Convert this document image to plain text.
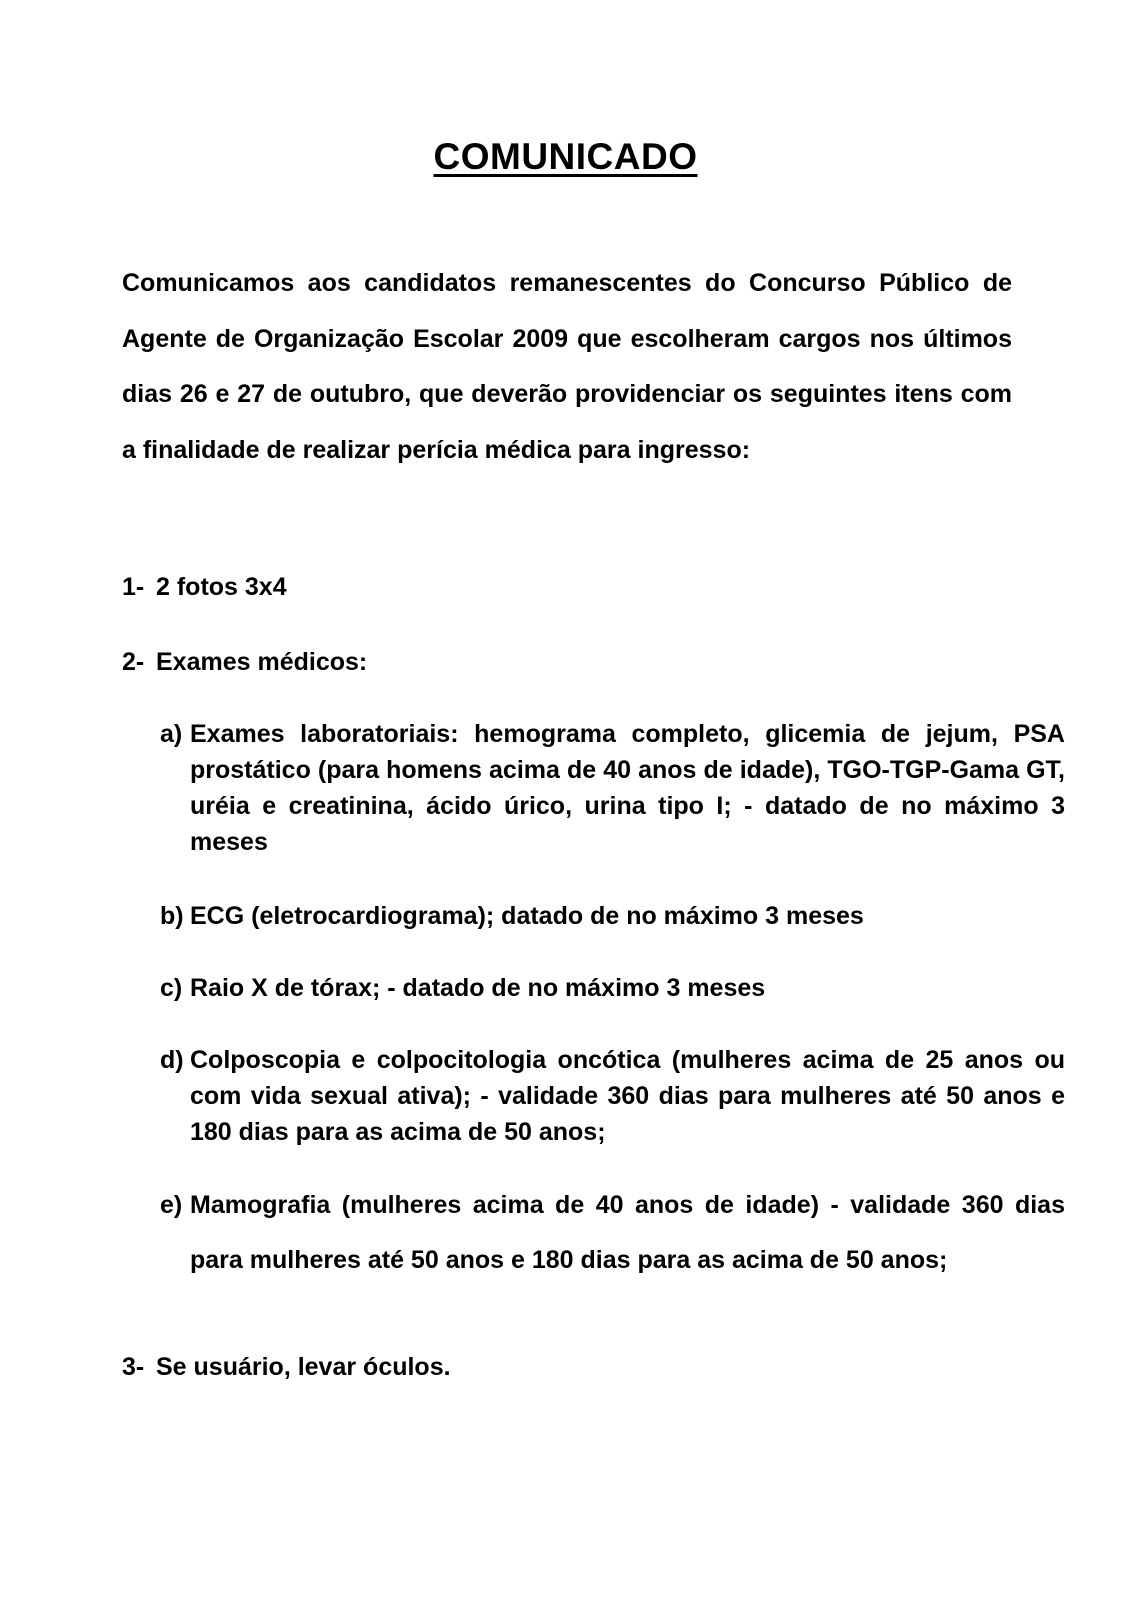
COMUNICADO
Comunicamos aos candidatos remanescentes do Concurso Público de Agente de Organização Escolar 2009 que escolheram cargos nos últimos dias 26 e 27 de outubro, que deverão providenciar os seguintes itens com a finalidade de realizar perícia médica para ingresso:
1- 2 fotos 3x4
2- Exames médicos:
a) Exames laboratoriais: hemograma completo, glicemia de jejum, PSA prostático (para homens acima de 40 anos de idade), TGO-TGP-Gama GT, uréia e creatinina, ácido úrico, urina tipo I; - datado de no máximo 3 meses
b) ECG (eletrocardiograma); datado de no máximo 3 meses
c) Raio X de tórax; - datado de no máximo 3 meses
d) Colposcopia e colpocitologia oncótica (mulheres acima de 25 anos ou com vida sexual ativa); - validade 360 dias para mulheres até 50 anos e 180 dias para as acima de 50 anos;
e) Mamografia (mulheres acima de 40 anos de idade) - validade 360 dias para mulheres até 50 anos e 180 dias para as acima de 50 anos;
3- Se usuário, levar óculos.
